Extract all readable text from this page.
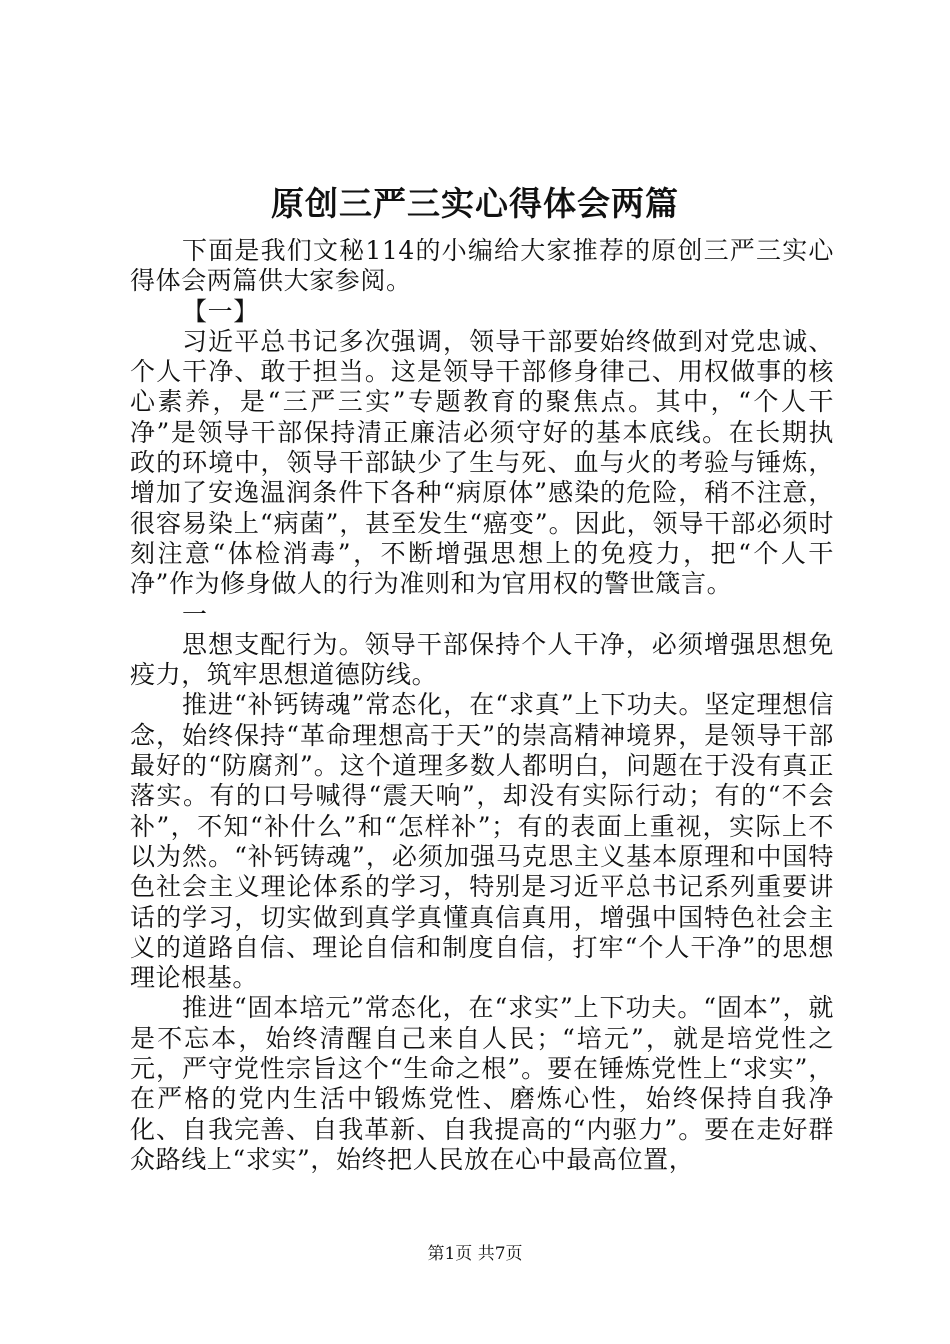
原创三严三实心得体会两篇

下面是我们文秘114的小编给大家推荐的原创三严三实心得体会两篇供大家参阅。

【一】

习近平总书记多次强调，领导干部要始终做到对党忠诚、个人干净、敢于担当。这是领导干部修身律己、用权做事的核心素养，是“三严三实”专题教育的聚焦点。其中，“个人干净”是领导干部保持清正廉洁必须守好的基本底线。在长期执政的环境中，领导干部缺少了生与死、血与火的考验与锤炼，增加了安逸温润条件下各种“病原体”感染的危险，稍不注意，很容易染上“病菌”，甚至发生“癌变”。因此，领导干部必须时刻注意“体检消毒”，不断增强思想上的免疫力，把“个人干净”作为修身做人的行为准则和为官用权的警世箴言。

一

思想支配行为。领导干部保持个人干净，必须增强思想免疫力，筑牢思想道德防线。

推进“补钙铸魂”常态化，在“求真”上下功夫。坚定理想信念，始终保持“革命理想高于天”的崇高精神境界，是领导干部最好的“防腐剂”。这个道理多数人都明白，问题在于没有真正落实。有的口号喊得“震天响”，却没有实际行动；有的“不会补”，不知“补什么”和“怎样补”；有的表面上重视，实际上不以为然。“补钙铸魂”，必须加强马克思主义基本原理和中国特色社会主义理论体系的学习，特别是习近平总书记系列重要讲话的学习，切实做到真学真懂真信真用，增强中国特色社会主义的道路自信、理论自信和制度自信，打牢“个人干净”的思想理论根基。

推进“固本培元”常态化，在“求实”上下功夫。“固本”，就是不忘本，始终清醒自己来自人民；“培元”，就是培党性之元，严守党性宗旨这个“生命之根”。要在锤炼党性上“求实”，在严格的党内生活中锻炼党性、磨炼心性，始终保持自我净化、自我完善、自我革新、自我提高的“内驱力”。要在走好群众路线上“求实”，始终把人民放在心中最高位置，

第1页 共7页
